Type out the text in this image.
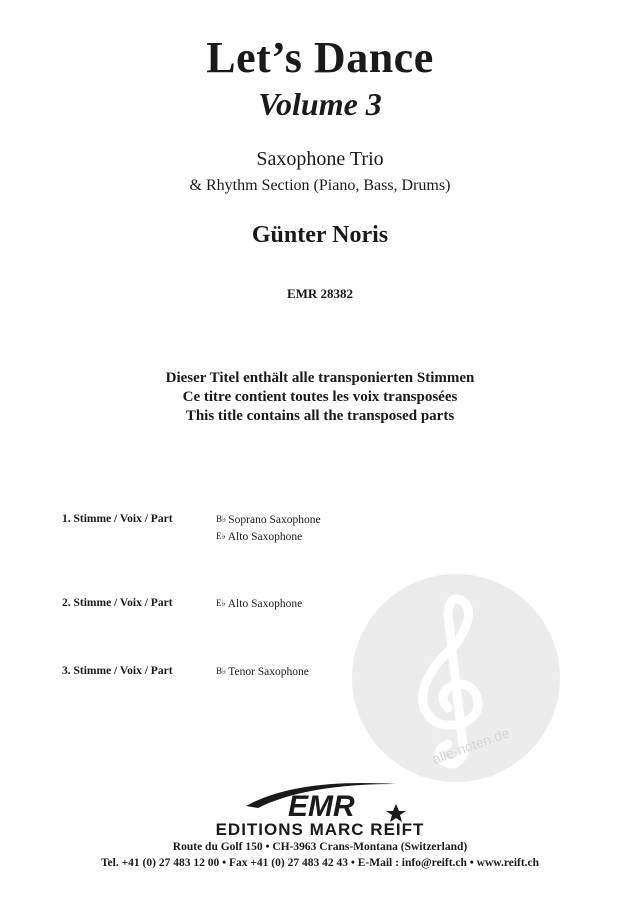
Let’s Dance
Volume 3
Saxophone Trio
& Rhythm Section (Piano, Bass, Drums)
Günter Noris
EMR 28382
Dieser Titel enthält alle transponierten Stimmen
Ce titre contient toutes les voix transposées
This title contains all the transposed parts
alle-noten.de
1. Stimme / Voix / Part	B♭ Soprano Saxophone
E♭ Alto Saxophone
2. Stimme / Voix / Part	E♭ Alto Saxophone
3. Stimme / Voix / Part	B♭ Tenor Saxophone
EMR
EDITIONS MARC REIFT
Route du Golf 150 • CH-3963 Crans-Montana (Switzerland)
Tel. +41 (0) 27 483 12 00 • Fax +41 (0) 27 483 42 43 • E-Mail : info@reift.ch • www.reift.ch
